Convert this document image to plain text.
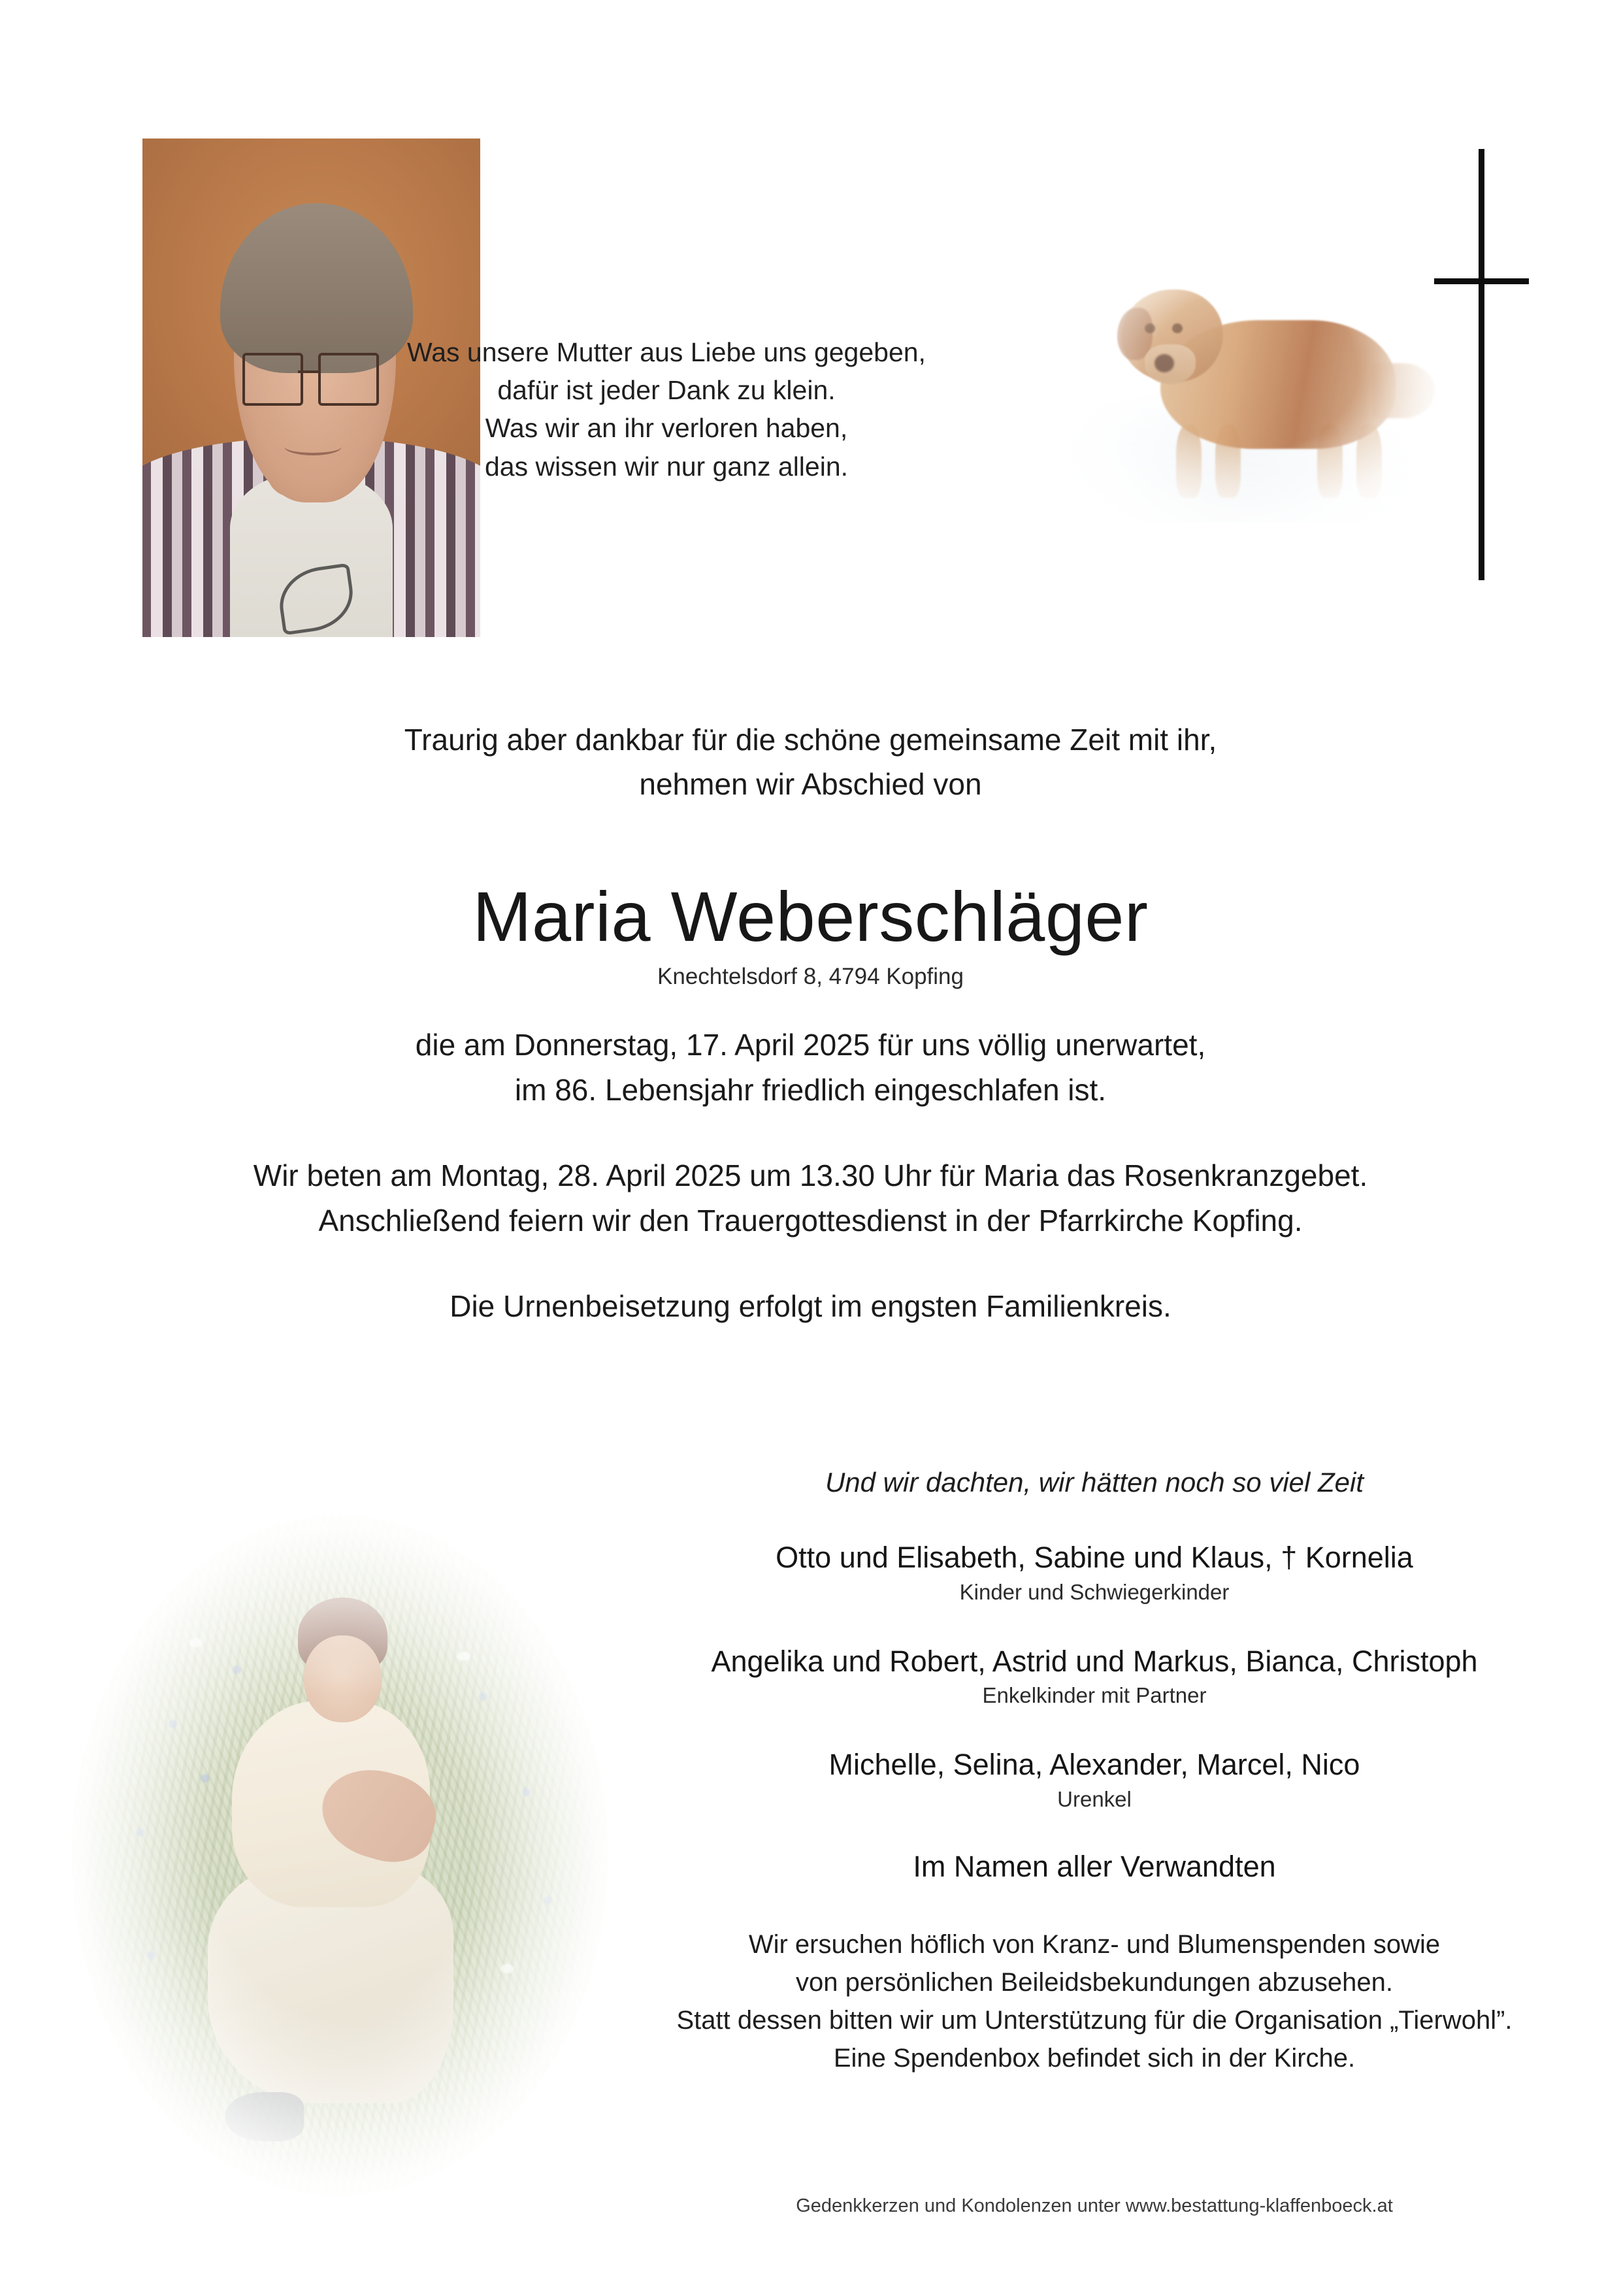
Was unsere Mutter aus Liebe uns gegeben,
dafür ist jeder Dank zu klein.
Was wir an ihr verloren haben,
das wissen wir nur ganz allein.
Traurig aber dankbar für die schöne gemeinsame Zeit mit ihr,
nehmen wir Abschied von
Maria Weberschläger
Knechtelsdorf 8, 4794 Kopfing
die am Donnerstag, 17. April 2025 für uns völlig unerwartet,
im 86. Lebensjahr friedlich eingeschlafen ist.
Wir beten am Montag, 28. April 2025 um 13.30 Uhr für Maria das Rosenkranzgebet.
Anschließend feiern wir den Trauergottesdienst in der Pfarrkirche Kopfing.
Die Urnenbeisetzung erfolgt im engsten Familienkreis.
Und wir dachten, wir hätten noch so viel Zeit
Otto und Elisabeth, Sabine und Klaus, † Kornelia
Kinder und Schwiegerkinder
Angelika und Robert, Astrid und Markus, Bianca, Christoph
Enkelkinder mit Partner
Michelle, Selina, Alexander, Marcel, Nico
Urenkel
Im Namen aller Verwandten
Wir ersuchen höflich von Kranz- und Blumenspenden sowie
von persönlichen Beileidsbekundungen abzusehen.
Statt dessen bitten wir um Unterstützung für die Organisation „Tierwohl”.
Eine Spendenbox befindet sich in der Kirche.
Gedenkkerzen und Kondolenzen unter www.bestattung-klaffenboeck.at
